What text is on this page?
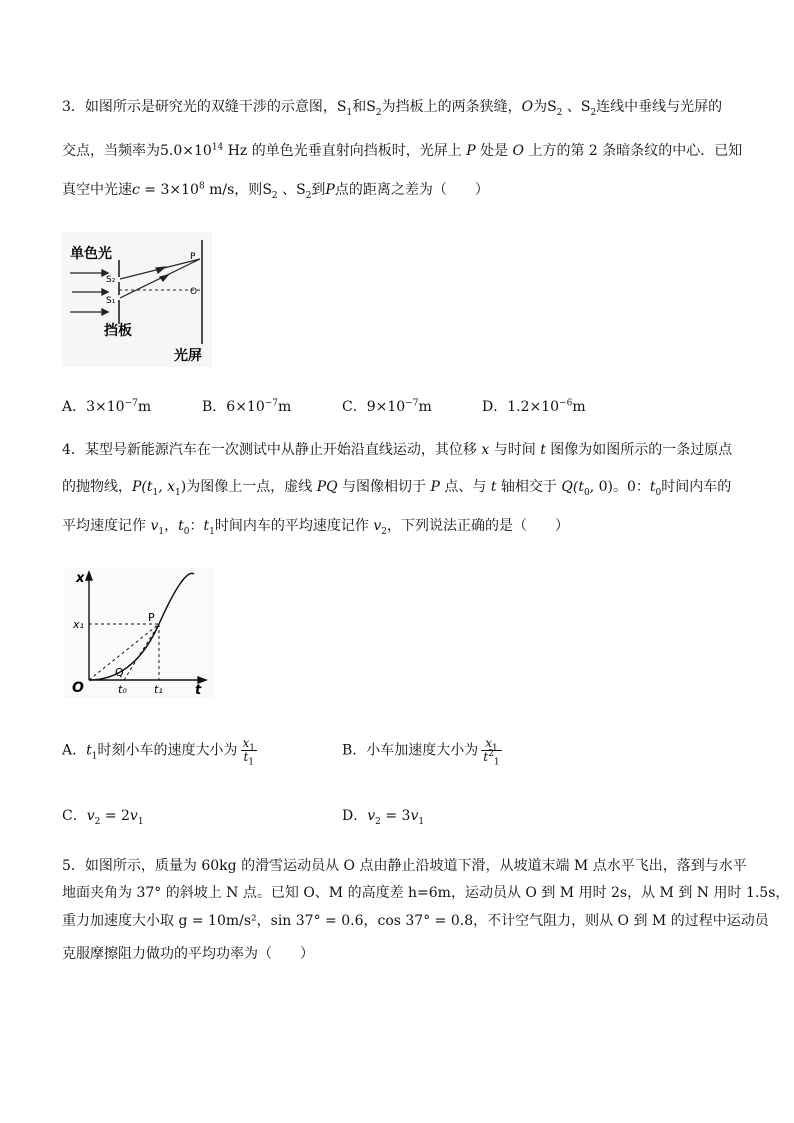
3．如图所示是研究光的双缝干涉的示意图，$S_1$和$S_2$为挡板上的两条狭缝，O为$S_2$ 、$S_2$连线中垂线与光屏的
交点，当频率为$5.0\times 10^{14}$ Hz 的单色光垂直射向挡板时，光屏上 P 处是 O 上方的第 2 条暗条纹的中心．已知
真空中光速$c = 3\times 10^8$ m/s，则$S_2$ 、$S_2$到P点的距离之差为（　　）
单色光
S₂
S₁
P
O
挡板
光屏
A．$3\times 10^{-7}m$	B．$6\times 10^{-7}m$	C．$9\times 10^{-7}m$	D．$1.2\times 10^{-6}m$
4．某型号新能源汽车在一次测试中从静止开始沿直线运动，其位移 x 与时间 t 图像为如图所示的一条过原点
的抛物线，$P(t_1$, $x_1$)为图像上一点，虚线 PQ 与图像相切于 P 点、与 t 轴相交于 $Q(t_0$, 0)。0：$t_0$时间内车的
平均速度记作 $v_1$，$t_0$：$t_1$时间内车的平均速度记作 $v_2$，下列说法正确的是（　　）
x
t
O
x₁
P
Q
t₀ t₁
A．$t_1$时刻小车的速度大小为 $\frac{x_1}{t_1}$	B．小车加速度大小为 $\frac{x_1}{t^2_1}$
C．$v_2 = 2v_1$	D．$v_2 = 3v_1$
5．如图所示，质量为 60kg 的滑雪运动员从 O 点由静止沿坡道下滑，从坡道末端 M 点水平飞出，落到与水平
地面夹角为 37° 的斜坡上 N 点。已知 O、M 的高度差 h=6m，运动员从 O 到 M 用时 2s，从 M 到 N 用时 1.5s，
重力加速度大小取 g = 10m/s²，sin 37° = 0.6，cos 37° = 0.8，不计空气阻力，则从 O 到 M 的过程中运动员
克服摩擦阻力做功的平均功率为（　　）
